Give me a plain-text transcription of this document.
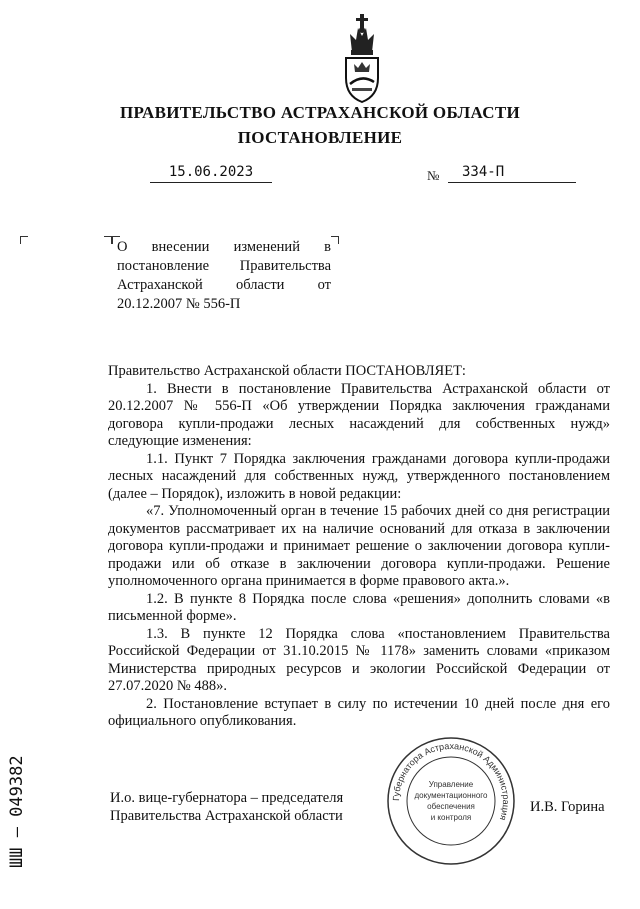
ПРАВИТЕЛЬСТВО АСТРАХАНСКОЙ ОБЛАСТИ
ПОСТАНОВЛЕНИЕ
15.06.2023	№	334-П
О внесении изменений в постановление Правительства Астраханской области от 20.12.2007 № 556-П

Правительство Астраханской области ПОСТАНОВЛЯЕТ:

1. Внести в постановление Правительства Астраханской области от 20.12.2007 № 556-П «Об утверждении Порядка заключения гражданами договора купли-продажи лесных насаждений для собственных нужд» следующие изменения:

1.1. Пункт 7 Порядка заключения гражданами договора купли-продажи лесных насаждений для собственных нужд, утвержденного постановлением (далее – Порядок), изложить в новой редакции:

«7. Уполномоченный орган в течение 15 рабочих дней со дня регистрации документов рассматривает их на наличие оснований для отказа в заключении договора купли-продажи и принимает решение о заключении договора купли-продажи или об отказе в заключении договора купли-продажи. Решение уполномоченного органа принимается в форме правового акта.».

1.2. В пункте 8 Порядка после слова «решения» дополнить словами «в письменной форме».

1.3. В пункте 12 Порядка слова «постановлением Правительства Российской Федерации от 31.10.2015 № 1178» заменить словами «приказом Министерства природных ресурсов и экологии Российской Федерации от 27.07.2020 № 488».

2. Постановление вступает в силу по истечении 10 дней после дня его официального опубликования.

И.о. вице-губернатора – председателя Правительства Астраханской области
И.В. Горина
Губернатора Астраханской Администрация
Управление
документационного
обеспечения
и контроля
ШШ – 049382
